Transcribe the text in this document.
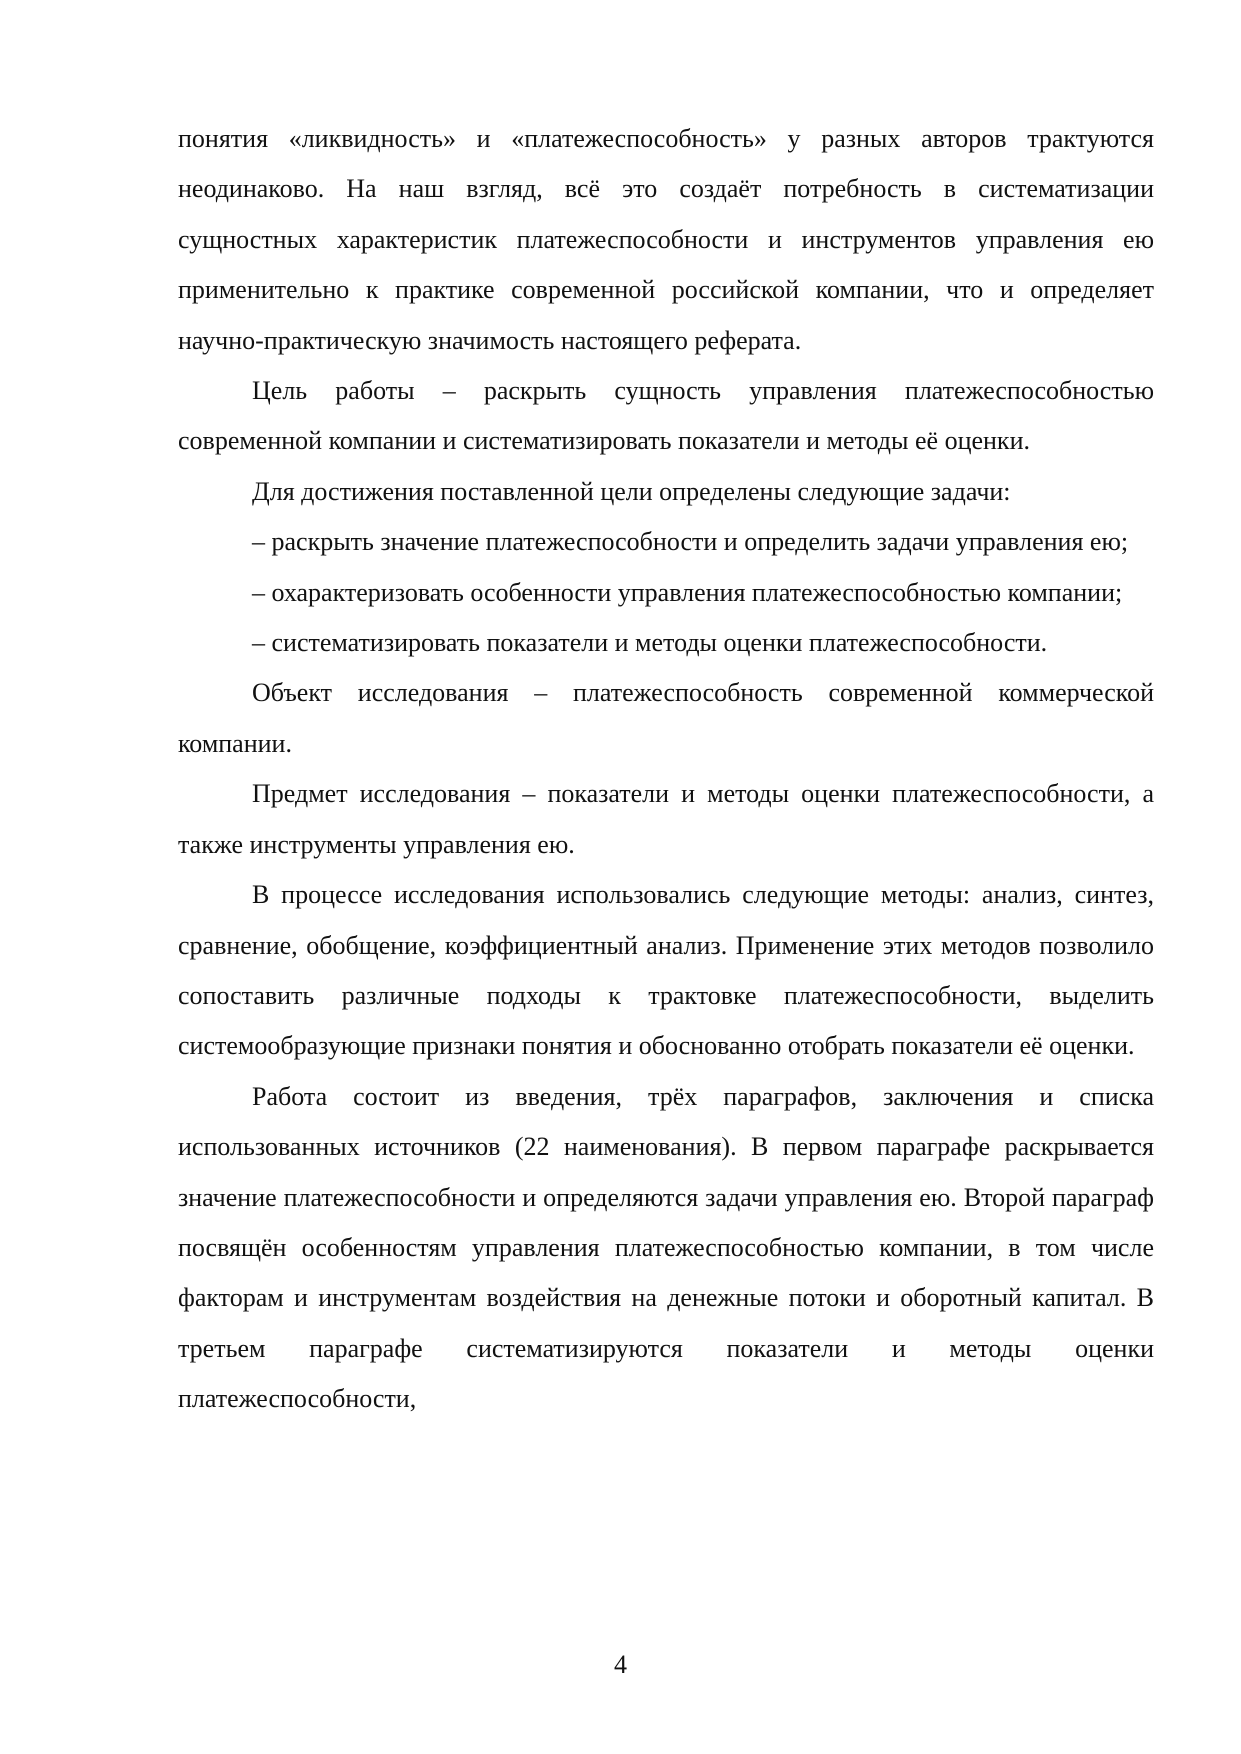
понятия «ликвидность» и «платежеспособность» у разных авторов трактуются неодинаково. На наш взгляд, всё это создаёт потребность в систематизации сущностных характеристик платежеспособности и инструментов управления ею применительно к практике современной российской компании, что и определяет научно-практическую значимость настоящего реферата.

Цель работы – раскрыть сущность управления платежеспособностью современной компании и систематизировать показатели и методы её оценки.

Для достижения поставленной цели определены следующие задачи:

– раскрыть значение платежеспособности и определить задачи управления ею;

– охарактеризовать особенности управления платежеспособностью компании;

– систематизировать показатели и методы оценки платежеспособности.

Объект исследования – платежеспособность современной коммерческой компании.

Предмет исследования – показатели и методы оценки платежеспособности, а также инструменты управления ею.

В процессе исследования использовались следующие методы: анализ, синтез, сравнение, обобщение, коэффициентный анализ. Применение этих методов позволило сопоставить различные подходы к трактовке платежеспособности, выделить системообразующие признаки понятия и обоснованно отобрать показатели её оценки.

Работа состоит из введения, трёх параграфов, заключения и списка использованных источников (22 наименования). В первом параграфе раскрывается значение платежеспособности и определяются задачи управления ею. Второй параграф посвящён особенностям управления платежеспособностью компании, в том числе факторам и инструментам воздействия на денежные потоки и оборотный капитал. В третьем параграфе систематизируются показатели и методы оценки платежеспособности,

4
